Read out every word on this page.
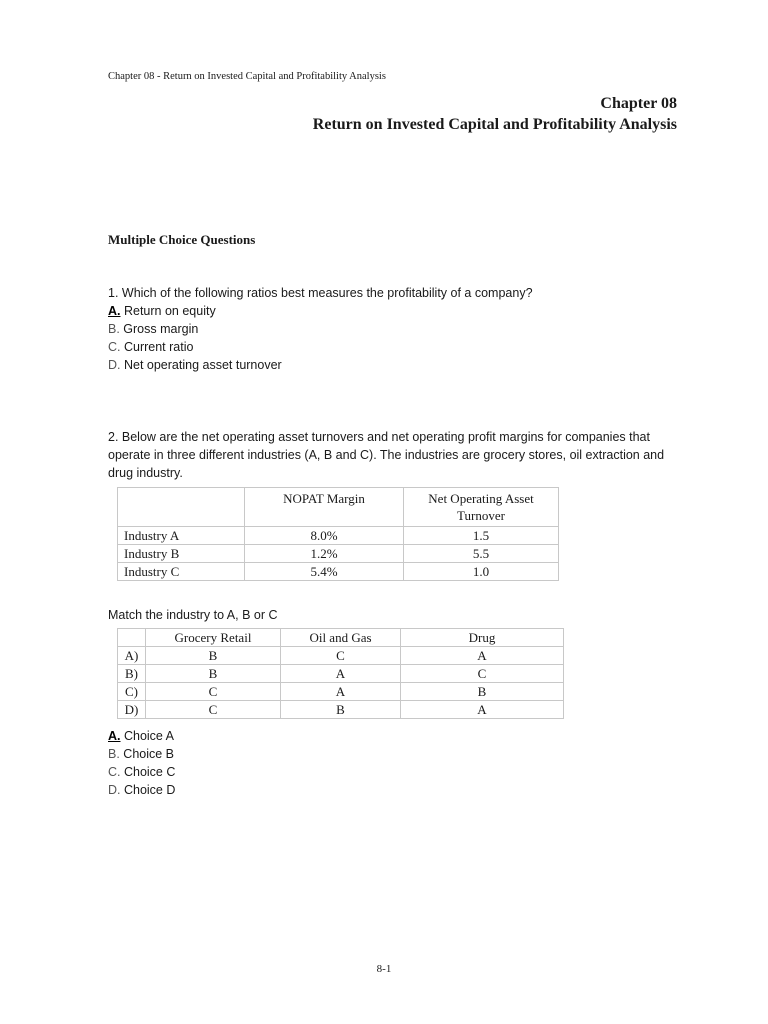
Chapter 08 - Return on Invested Capital and Profitability Analysis
Chapter 08
Return on Invested Capital and Profitability Analysis
Multiple Choice Questions
1. Which of the following ratios best measures the profitability of a company?
A. Return on equity
B. Gross margin
C. Current ratio
D. Net operating asset turnover
2. Below are the net operating asset turnovers and net operating profit margins for companies that operate in three different industries (A, B and C). The industries are grocery stores, oil extraction and drug industry.
	NOPAT Margin	Net Operating Asset Turnover
Industry A	8.0%	1.5
Industry B	1.2%	5.5
Industry C	5.4%	1.0
Match the industry to A, B or C
	Grocery Retail	Oil and Gas	Drug
A)	B	C	A
B)	B	A	C
C)	C	A	B
D)	C	B	A
A. Choice A
B. Choice B
C. Choice C
D. Choice D
8-1
